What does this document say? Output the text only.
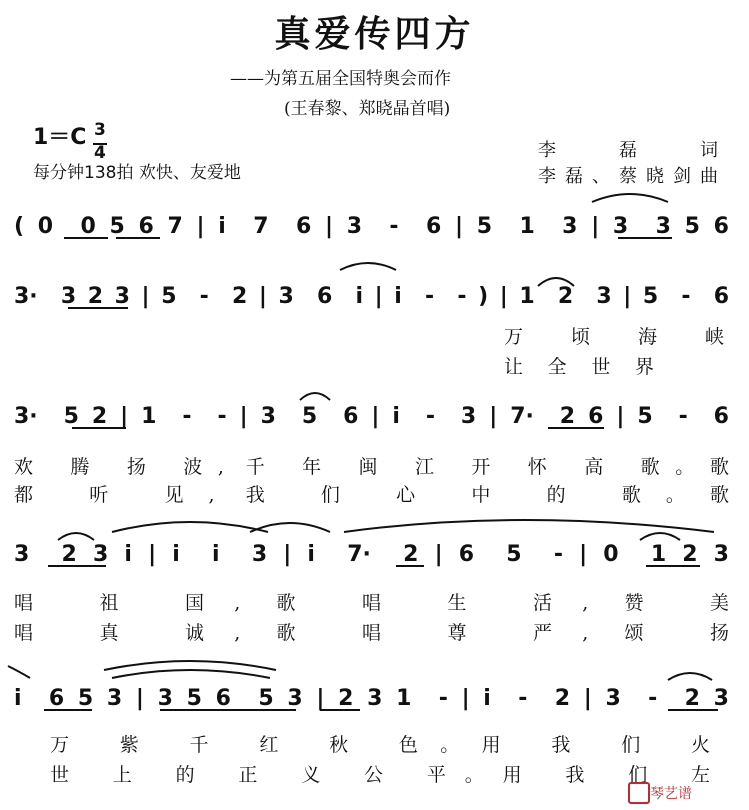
真爱传四方
——为第五届全国特奥会而作
(王春黎、郑晓晶首唱)
1＝C 3
4
每分钟138拍 欢快、友爱地
李磊词
李磊、蔡晓剑曲
( 0  0 5 6 7 | i  7  6 | 3  -  6 | 5  1  3 | 3  3 5 6
3·  3 2 3 | 5  -  2 | 3  6  i | i  -  - ) | 1  2  3 | 5  -  6
万 顷 海 峡
让 全 世 界
3·  5 2 | 1  -  - | 3  5  6 | i  -  3 | 7·  2 6 | 5  -  6
欢 腾 扬 波, 千 年 闽 江 开 怀 高 歌。歌
都 听 见, 我 们 心 中 的 歌。歌
3  2 3 i | i  i  3 | i  7·  2 | 6  5  - | 0  1 2 3
唱 祖 国, 歌 唱 生 活, 赞 美
唱 真 诚, 歌 唱 尊 严, 颂 扬
i  6 5 3 | 3 5 6  5 3 | 2 3 1  - | i  -  2 | 3  -  2 3
万 紫 千 红 秋 色。用 我 们 火
世 上 的 正 义 公 平。用 我 们 左
琴艺谱
